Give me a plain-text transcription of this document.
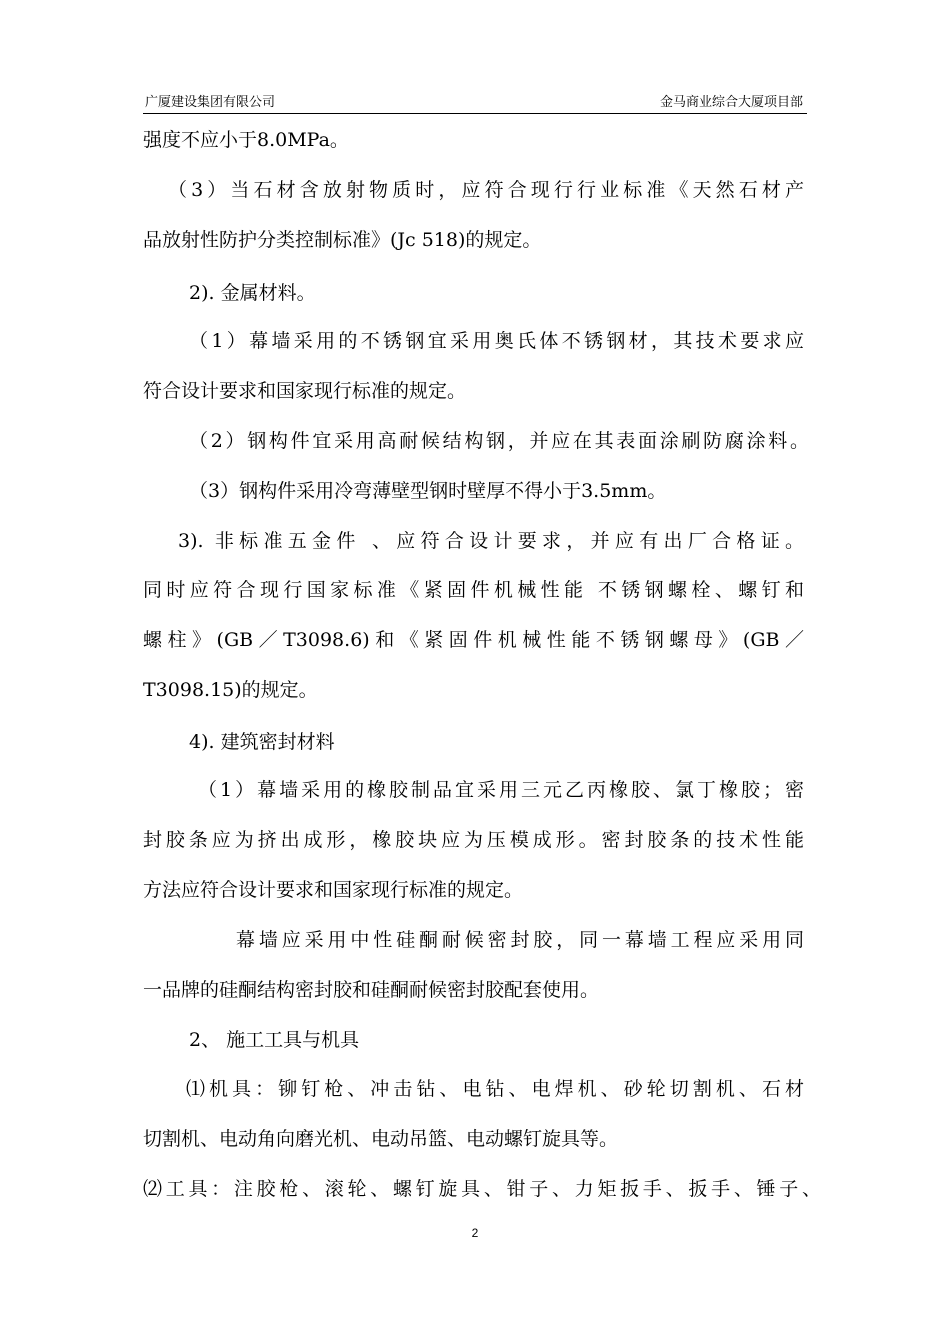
广厦建设集团有限公司	金马商业综合大厦项目部
强度不应小于8.0MPa。
（3）当石材含放射物质时，应符合现行行业标准《天然石材产
品放射性防护分类控制标准》(Jc 518)的规定。
2). 金属材料。
（1）幕墙采用的不锈钢宜采用奥氏体不锈钢材，其技术要求应
符合设计要求和国家现行标准的规定。
（2）钢构件宜采用高耐候结构钢，并应在其表面涂刷防腐涂料。
（3）钢构件采用冷弯薄壁型钢时壁厚不得小于3.5mm。
3). 非标准五金件 、应符合设计要求，并应有出厂合格证。
同时应符合现行国家标准《紧固件机械性能 不锈钢螺栓、螺钉和
螺柱》(GB／T3098.6)和《紧固件机械性能不锈钢螺母》(GB／
T3098.15)的规定。
4). 建筑密封材料
（1）幕墙采用的橡胶制品宜采用三元乙丙橡胶、氯丁橡胶；密
封胶条应为挤出成形，橡胶块应为压模成形。密封胶条的技术性能
方法应符合设计要求和国家现行标准的规定。
幕墙应采用中性硅酮耐候密封胶，同一幕墙工程应采用同
一品牌的硅酮结构密封胶和硅酮耐候密封胶配套使用。
2、 施工工具与机具
⑴机具：铆钉枪、冲击钻、电钻、电焊机、砂轮切割机、石材
切割机、电动角向磨光机、电动吊篮、电动螺钉旋具等。
⑵工具：注胶枪、滚轮、螺钉旋具、钳子、力矩扳手、扳手、锤子、
2
